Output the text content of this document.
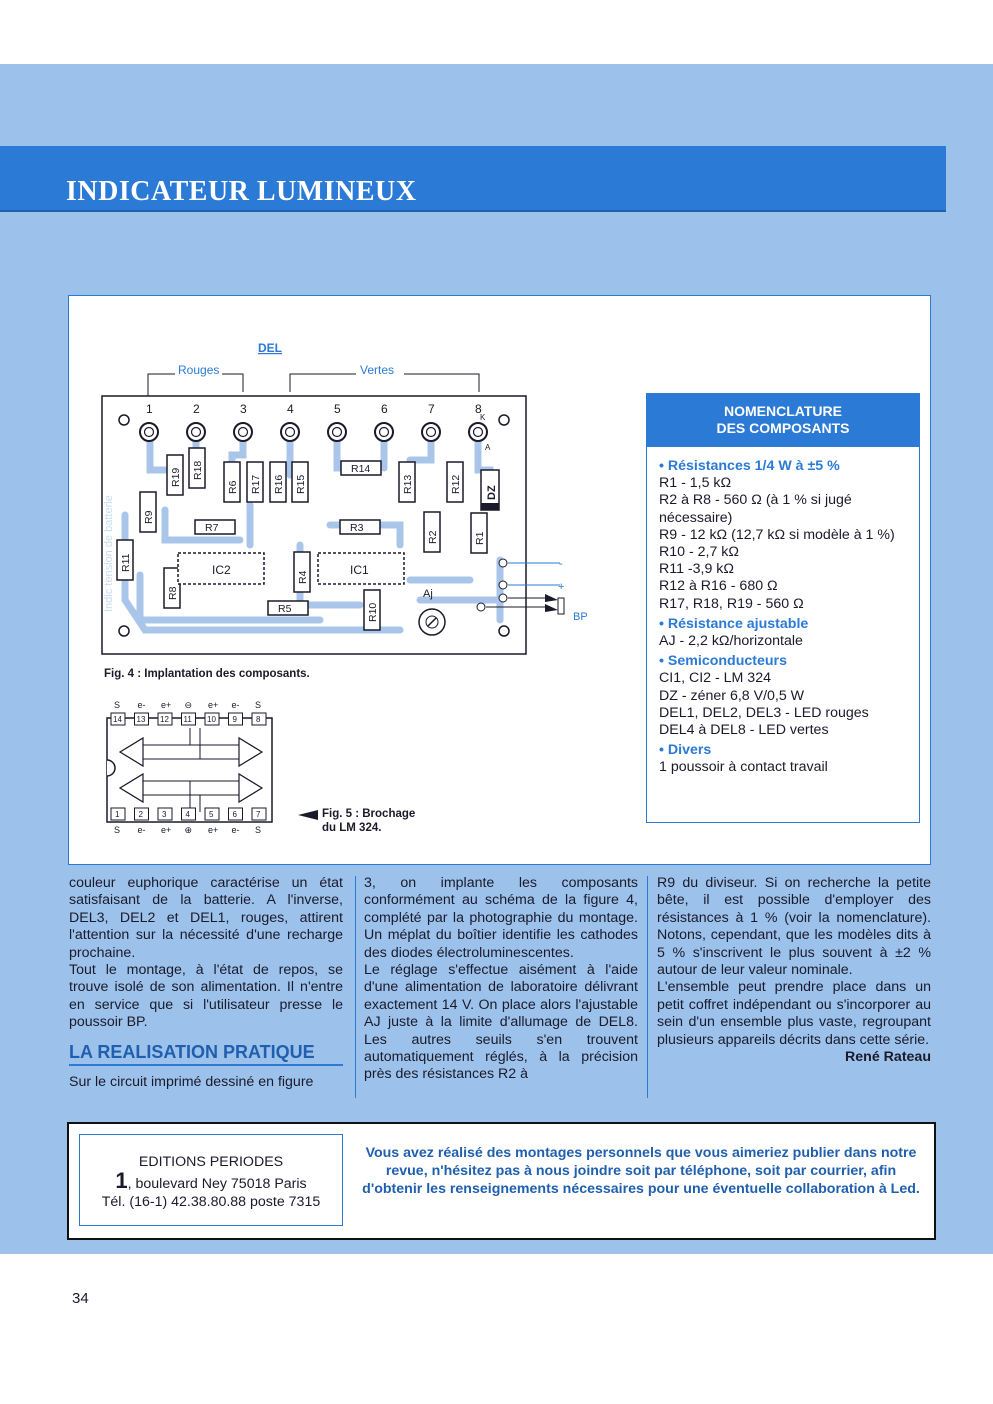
INDICATEUR LUMINEUX
DEL
Rouges	Vertes
1	2	3	4	5	6	7	8
R19 R18
R6 R17 R16 R15	R13	R12
R9
R11
R8
R4
R2	R1
R10
R14
R7	R3
R5
K
A
IC2	IC1
DZ
Aj
-
+
BP
Indic tension de batterie
14 13 12 11 10 9 8
1 2 3 4 5 6 7
S e- e+ ⊖ e+ e- S
S e- e+ ⊕ e+ e- S
Fig. 4 : Implantation des composants.
Fig. 5 : Brochage
du LM 324.
NOMENCLATURE
DES COMPOSANTS
• Résistances 1/4 W à ±5 %
R1 - 1,5 kΩ
R2 à R8 - 560 Ω (à 1 % si jugé nécessaire)
R9 - 12 kΩ (12,7 kΩ si modèle à 1 %)
R10 - 2,7 kΩ
R11 -3,9 kΩ
R12 à R16 - 680 Ω
R17, R18, R19 - 560 Ω
• Résistance ajustable
AJ - 2,2 kΩ/horizontale
• Semiconducteurs
CI1, CI2 - LM 324
DZ - zéner 6,8 V/0,5 W
DEL1, DEL2, DEL3 - LED rouges
DEL4 à DEL8 - LED vertes
• Divers
1 poussoir à contact travail

couleur euphorique caractérise un état satisfaisant de la batterie. A l'inverse, DEL3, DEL2 et DEL1, rouges, attirent l'attention sur la nécessité d'une recharge prochaine.

Tout le montage, à l'état de repos, se trouve isolé de son alimentation. Il n'entre en service que si l'utilisateur presse le poussoir BP.

LA REALISATION PRATIQUE

Sur le circuit imprimé dessiné en figure

3, on implante les composants conformément au schéma de la figure 4, complété par la photographie du montage. Un méplat du boîtier identifie les cathodes des diodes électroluminescentes.

Le réglage s'effectue aisément à l'aide d'une alimentation de laboratoire délivrant exactement 14 V. On place alors l'ajustable AJ juste à la limite d'allumage de DEL8. Les autres seuils s'en trouvent automatiquement réglés, à la précision près des résistances R2 à

R9 du diviseur. Si on recherche la petite bête, il est possible d'employer des résistances à 1 % (voir la nomenclature). Notons, cependant, que les modèles dits à 5 % s'inscrivent le plus souvent à ±2 % autour de leur valeur nominale.

L'ensemble peut prendre place dans un petit coffret indépendant ou s'incorporer au sein d'un ensemble plus vaste, regroupant plusieurs appareils décrits dans cette série.

René Rateau

EDITIONS PERIODES
1, boulevard Ney 75018 Paris
Tél. (16-1) 42.38.80.88 poste 7315
Vous avez réalisé des montages personnels que vous aimeriez publier dans notre revue, n'hésitez pas à nous joindre soit par téléphone, soit par courrier, afin d'obtenir les renseignements nécessaires pour une éventuelle collaboration à Led.
34
